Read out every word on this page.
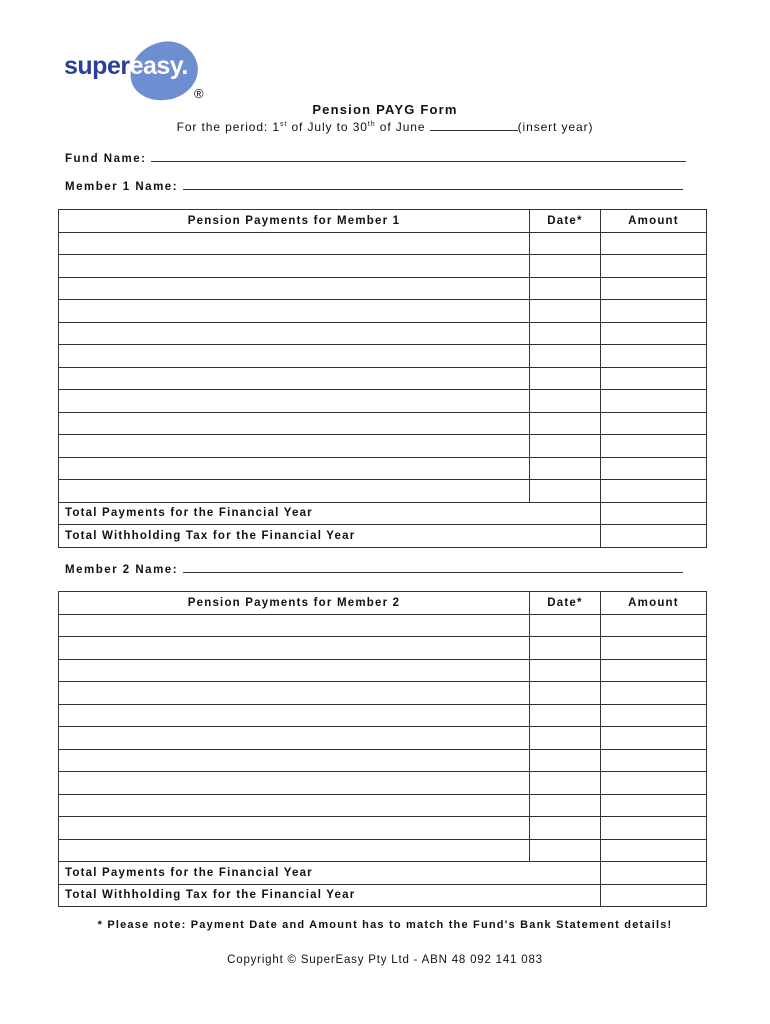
supereasy.
®
Pension PAYG Form
For the period: 1st of July to 30th of June	(insert year)
Fund Name:
Member 1 Name:
Pension Payments for Member 1	Date*	Amount

Total Payments for the Financial Year		
Total Withholding Tax for the Financial Year		
Member 2 Name:
Pension Payments for Member 2	Date*	Amount

Total Payments for the Financial Year		
Total Withholding Tax for the Financial Year		
* Please note: Payment Date and Amount has to match the Fund's Bank Statement details!
Copyright © SuperEasy Pty Ltd - ABN 48 092 141 083
